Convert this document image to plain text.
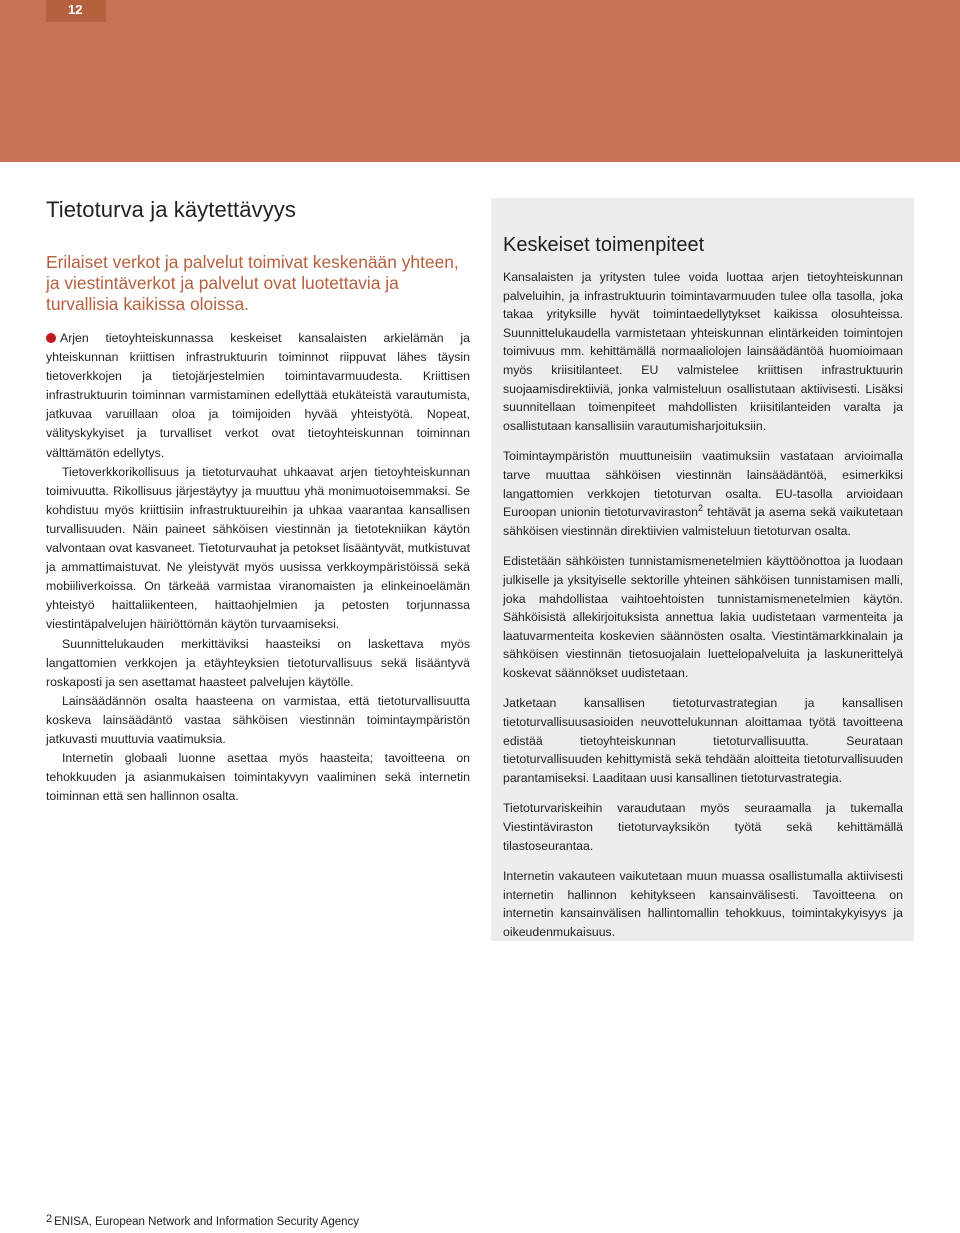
12
Tietoturva ja käytettävyys

Erilaiset verkot ja palvelut toimivat keskenään yhteen, ja viestintäverkot ja palvelut ovat luotettavia ja turvallisia kaikissa oloissa.

Arjen tietoyhteiskunnassa keskeiset kansalaisten arkielämän ja yhteiskunnan kriittisen infrastruktuurin toiminnot riippuvat lähes täysin tietoverkkojen ja tietojärjestelmien toimintavarmuudesta. Kriittisen infrastruktuurin toiminnan varmistaminen edellyttää etukäteistä varautumista, jatkuvaa varuillaan oloa ja toimijoiden hyvää yhteistyötä. Nopeat, välityskykyiset ja turvalliset verkot ovat tietoyhteiskunnan toiminnan välttämätön edellytys.

Tietoverkkorikollisuus ja tietoturvauhat uhkaavat arjen tietoyhteiskunnan toimivuutta. Rikollisuus järjestäytyy ja muuttuu yhä monimuotoisemmaksi. Se kohdistuu myös kriittisiin infrastruktuureihin ja uhkaa vaarantaa kansallisen turvallisuuden. Näin paineet sähköisen viestinnän ja tietotekniikan käytön valvontaan ovat kasvaneet. Tietoturvauhat ja petokset lisääntyvät, mutkistuvat ja ammattimaistuvat. Ne yleistyvät myös uusissa verkkoympäristöissä sekä mobiiliverkoissa. On tärkeää varmistaa viranomaisten ja elinkeinoelämän yhteistyö haittaliikenteen, haittaohjelmien ja petosten torjunnassa viestintäpalvelujen häiriöttömän käytön turvaamiseksi.

Suunnittelukauden merkittäviksi haasteiksi on laskettava myös langattomien verkkojen ja etäyhteyksien tietoturvallisuus sekä lisääntyvä roskaposti ja sen asettamat haasteet palvelujen käytölle.

Lainsäädännön osalta haasteena on varmistaa, että tietoturvallisuutta koskeva lainsäädäntö vastaa sähköisen viestinnän toimintaympäristön jatkuvasti muuttuvia vaatimuksia.

Internetin globaali luonne asettaa myös haasteita; tavoitteena on tehokkuuden ja asianmukaisen toimintakyvyn vaaliminen sekä internetin toiminnan että sen hallinnon osalta.

Keskeiset toimenpiteet

Kansalaisten ja yritysten tulee voida luottaa arjen tietoyhteiskunnan palveluihin, ja infrastruktuurin toimintavarmuuden tulee olla tasolla, joka takaa yrityksille hyvät toimintaedellytykset kaikissa olosuhteissa. Suunnittelukaudella varmistetaan yhteiskunnan elintärkeiden toimintojen toimivuus mm. kehittämällä normaaliolojen lainsäädäntöä huomioimaan myös kriisitilanteet. EU valmistelee kriittisen infrastruktuurin suojaamisdirektiiviä, jonka valmisteluun osallistutaan aktiivisesti. Lisäksi suunnitellaan toimenpiteet mahdollisten kriisitilanteiden varalta ja osallistutaan kansallisiin varautumisharjoituksiin.

Toimintaympäristön muuttuneisiin vaatimuksiin vastataan arvioimalla tarve muuttaa sähköisen viestinnän lainsäädäntöä, esimerkiksi langattomien verkkojen tietoturvan osalta. EU-tasolla arvioidaan Euroopan unionin tietoturvaviraston$^2$ tehtävät ja asema sekä vaikutetaan sähköisen viestinnän direktiivien valmisteluun tietoturvan osalta.

Edistetään sähköisten tunnistamismenetelmien käyttöönottoa ja luodaan julkiselle ja yksityiselle sektorille yhteinen sähköisen tunnistamisen malli, joka mahdollistaa vaihtoehtoisten tunnistamismenetelmien käytön. Sähköisistä allekirjoituksista annettua lakia uudistetaan varmenteita ja laatuvarmenteita koskevien säännösten osalta. Viestintämarkkinalain ja sähköisen viestinnän tietosuojalain luettelopalveluita ja laskunerittelyä koskevat säännökset uudistetaan.

Jatketaan kansallisen tietoturvastrategian ja kansallisen tietoturvallisuusasioiden neuvottelukunnan aloittamaa työtä tavoitteena edistää tietoyhteiskunnan tietoturvallisuutta. Seurataan tietoturvallisuuden kehittymistä sekä tehdään aloitteita tietoturvallisuuden parantamiseksi. Laaditaan uusi kansallinen tietoturvastrategia.

Tietoturvariskeihin varaudutaan myös seuraamalla ja tukemalla Viestintäviraston tietoturvayksikön työtä sekä kehittämällä tilastoseurantaa.

Internetin vakauteen vaikutetaan muun muassa osallistumalla aktiivisesti internetin hallinnon kehitykseen kansainvälisesti. Tavoitteena on internetin kansainvälisen hallintomallin tehokkuus, toimintakykyisyys ja oikeudenmukaisuus.

$^2$ ENISA, European Network and Information Security Agency
